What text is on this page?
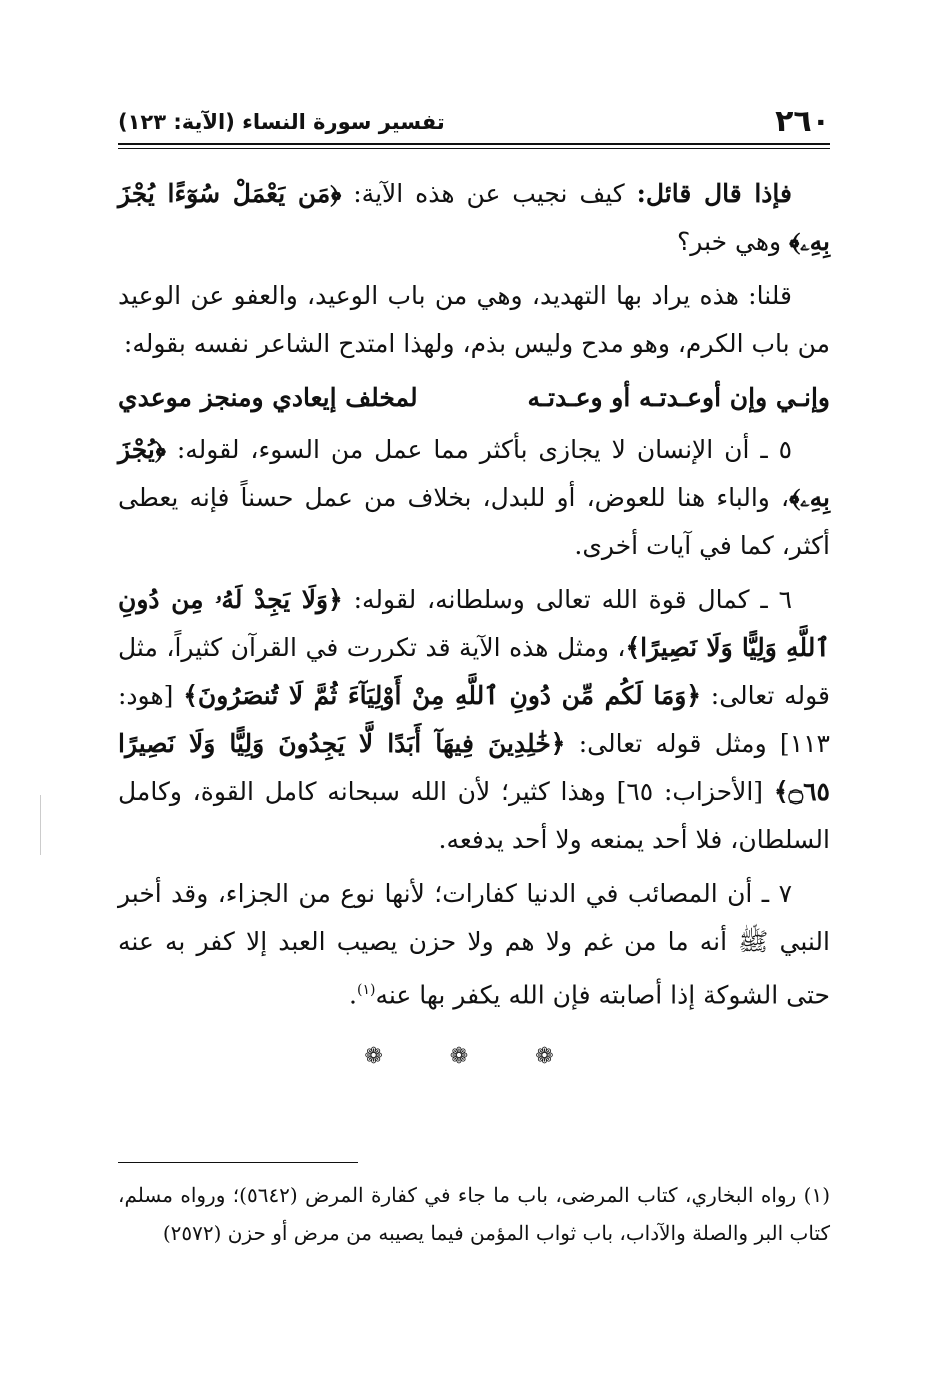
٢٦٠
تفسير سورة النساء (الآية: ١٢٣)

فإذا قال قائل: كيف نجيب عن هذه الآية: ﴿مَن يَعْمَلْ سُوٓءًا يُجْزَ بِهِۦ﴾ وهي خبر؟

قلنا: هذه يراد بها التهديد، وهي من باب الوعيد، والعفو عن الوعيد من باب الكرم، وهو مدح وليس بذم، ولهذا امتدح الشاعر نفسه بقوله:

وإنـي وإن أوعـدتـه أو وعـدتـه
لمخلف إيعادي ومنجز موعدي

٥ ـ أن الإنسان لا يجازى بأكثر مما عمل من السوء، لقوله: ﴿يُجْزَ بِهِۦ﴾، والباء هنا للعوض، أو للبدل، بخلاف من عمل حسناً فإنه يعطى أكثر، كما في آيات أخرى.

٦ ـ كمال قوة الله تعالى وسلطانه، لقوله: ﴿وَلَا يَجِدْ لَهُۥ مِن دُونِ ٱللَّهِ وَلِيًّا وَلَا نَصِيرًا﴾، ومثل هذه الآية قد تكررت في القرآن كثيراً، مثل قوله تعالى: ﴿وَمَا لَكُم مِّن دُونِ ٱللَّهِ مِنْ أَوْلِيَآءَ ثُمَّ لَا تُنصَرُونَ﴾ [هود: ١١٣] ومثل قوله تعالى: ﴿خَٰلِدِينَ فِيهَآ أَبَدًا لَّا يَجِدُونَ وَلِيًّا وَلَا نَصِيرًا ۝٦٥﴾ [الأحزاب: ٦٥] وهذا كثير؛ لأن الله سبحانه كامل القوة، وكامل السلطان، فلا أحد يمنعه ولا أحد يدفعه.

٧ ـ أن المصائب في الدنيا كفارات؛ لأنها نوع من الجزاء، وقد أخبر النبي ﷺ أنه ما من غم ولا هم ولا حزن يصيب العبد إلا كفر به عنه حتى الشوكة إذا أصابته فإن الله يكفر بها عنه$^{(١)}$.

❁ ❁ ❁
(١) رواه البخاري، كتاب المرضى، باب ما جاء في كفارة المرض (٥٦٤٢)؛ ورواه مسلم، كتاب البر والصلة والآداب، باب ثواب المؤمن فيما يصيبه من مرض أو حزن (٢٥٧٢)
